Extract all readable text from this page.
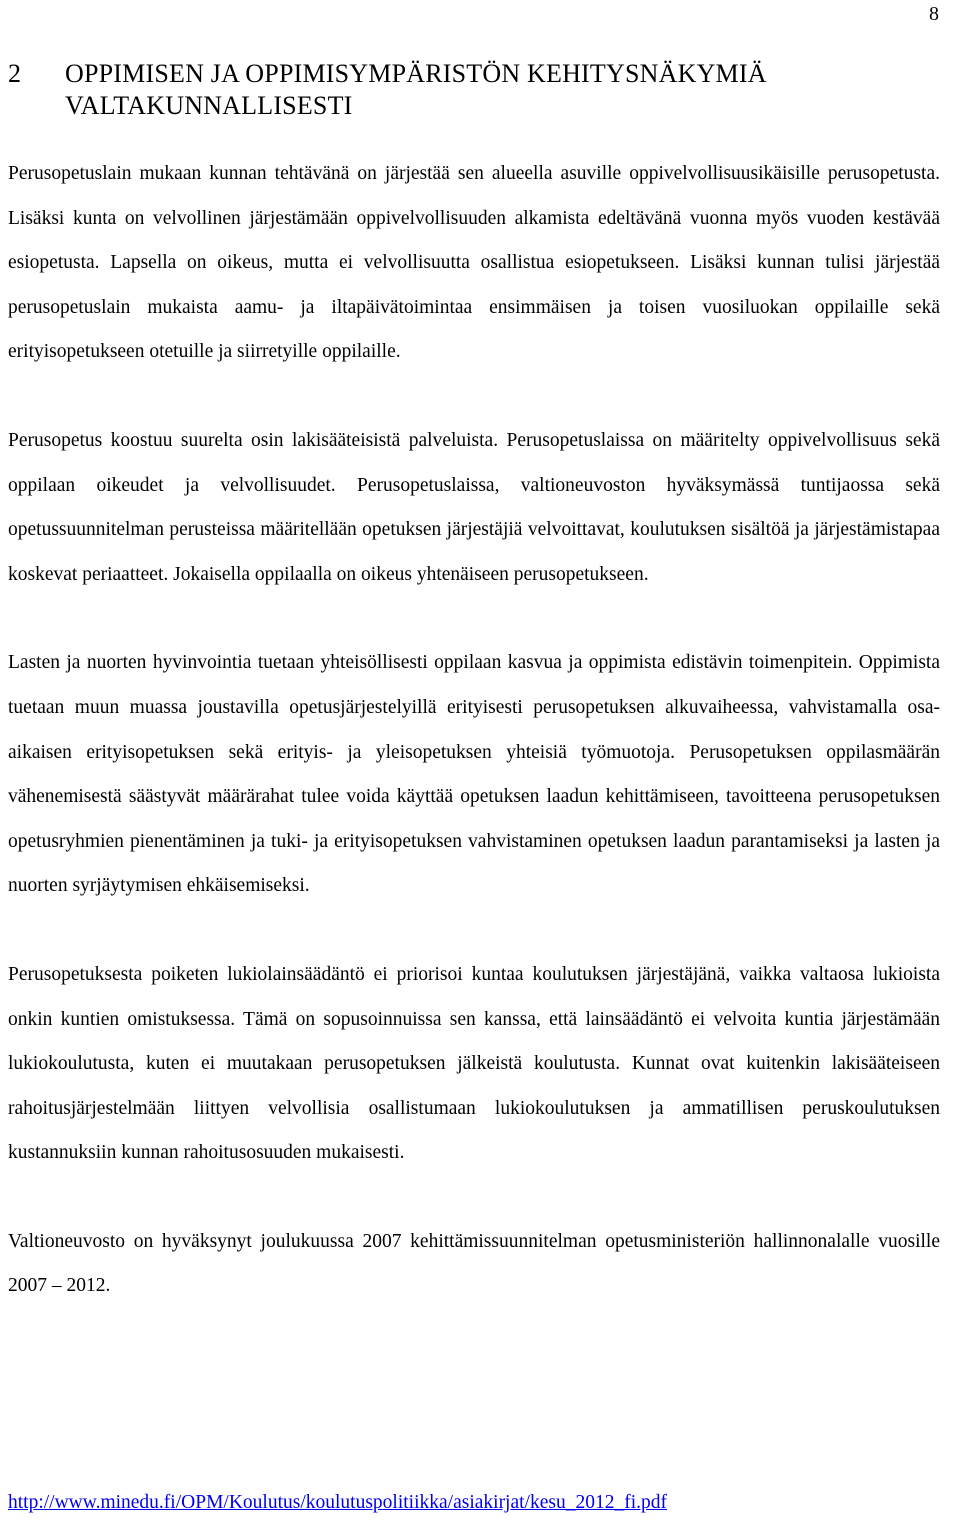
8
2	OPPIMISEN JA OPPIMISYMPÄRISTÖN KEHITYSNÄKYMIÄ VALTAKUNNALLISESTI

Perusopetuslain mukaan kunnan tehtävänä on järjestää sen alueella asuville oppivelvollisuusikäisille perusopetusta. Lisäksi kunta on velvollinen järjestämään oppivelvollisuuden alkamista edeltävänä vuonna myös vuoden kestävää esiopetusta. Lapsella on oikeus, mutta ei velvollisuutta osallistua esiopetukseen. Lisäksi kunnan tulisi järjestää perusopetuslain mukaista aamu- ja iltapäivätoimintaa ensimmäisen ja toisen vuosiluokan oppilaille sekä erityisopetukseen otetuille ja siirretyille oppilaille.

Perusopetus koostuu suurelta osin lakisääteisistä palveluista. Perusopetuslaissa on määritelty oppivelvollisuus sekä oppilaan oikeudet ja velvollisuudet. Perusopetuslaissa, valtioneuvoston hyväksymässä tuntijaossa sekä opetussuunnitelman perusteissa määritellään opetuksen järjestäjiä velvoittavat, koulutuksen sisältöä ja järjestämistapaa koskevat periaatteet. Jokaisella oppilaalla on oikeus yhtenäiseen perusopetukseen.

Lasten ja nuorten hyvinvointia tuetaan yhteisöllisesti oppilaan kasvua ja oppimista edistävin toimenpitein. Oppimista tuetaan muun muassa joustavilla opetusjärjestelyillä erityisesti perusopetuksen alkuvaiheessa, vahvistamalla osa-aikaisen erityisopetuksen sekä erityis- ja yleisopetuksen yhteisiä työmuotoja. Perusopetuksen oppilasmäärän vähenemisestä säästyvät määrärahat tulee voida käyttää opetuksen laadun kehittämiseen, tavoitteena perusopetuksen opetusryhmien pienentäminen ja tuki- ja erityisopetuksen vahvistaminen opetuksen laadun parantamiseksi ja lasten ja nuorten syrjäytymisen ehkäisemiseksi.

Perusopetuksesta poiketen lukiolainsäädäntö ei priorisoi kuntaa koulutuksen järjestäjänä, vaikka valtaosa lukioista onkin kuntien omistuksessa. Tämä on sopusoinnuissa sen kanssa, että lainsäädäntö ei velvoita kuntia järjestämään lukiokoulutusta, kuten ei muutakaan perusopetuksen jälkeistä koulutusta. Kunnat ovat kuitenkin lakisääteiseen rahoitusjärjestelmään liittyen velvollisia osallistumaan lukiokoulutuksen ja ammatillisen peruskoulutuksen kustannuksiin kunnan rahoitusosuuden mukaisesti.

Valtioneuvosto on hyväksynyt joulukuussa 2007 kehittämissuunnitelman opetusministeriön hallinnonalalle vuosille 2007 – 2012.

http://www.minedu.fi/OPM/Koulutus/koulutuspolitiikka/asiakirjat/kesu_2012_fi.pdf
